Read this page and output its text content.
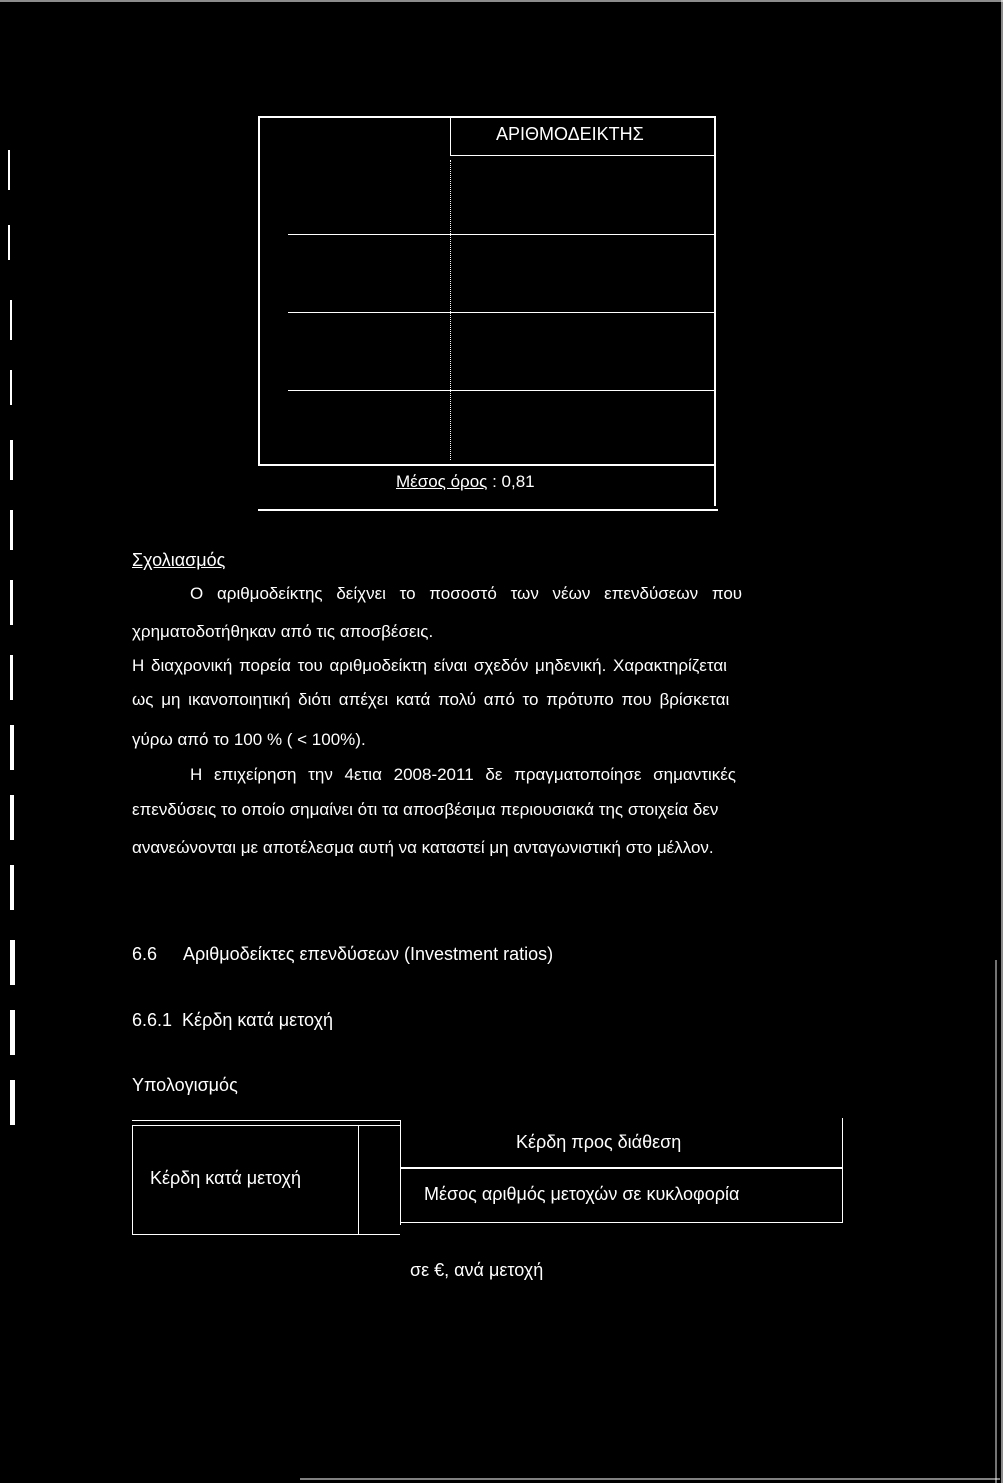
ΑΡΙΘΜΟΔΕΙΚΤΗΣ
Μέσος όρος : 0,81
Σχολιασμός
Ο αριθμοδείκτης δείχνει το ποσοστό των νέων επενδύσεων που
χρηματοδοτήθηκαν από τις αποσβέσεις.
Η διαχρονική πορεία του αριθμοδείκτη είναι σχεδόν μηδενική. Χαρακτηρίζεται
ως μη ικανοποιητική διότι απέχει κατά πολύ από το πρότυπο που βρίσκεται
γύρω από το 100 % ( < 100%).
Η επιχείρηση την 4ετια 2008-2011 δε πραγματοποίησε σημαντικές
επενδύσεις το οποίο σημαίνει ότι τα αποσβέσιμα περιουσιακά της στοιχεία δεν
ανανεώνονται με αποτέλεσμα αυτή να καταστεί μη ανταγωνιστική στο μέλλον.
6.6 Αριθμοδείκτες επενδύσεων (Investment ratios)
6.6.1 Κέρδη κατά μετοχή
Υπολογισμός
Κέρδη κατά μετοχή
Κέρδη προς διάθεση
Μέσος αριθμός μετοχών σε κυκλοφορία
σε €, ανά μετοχή
